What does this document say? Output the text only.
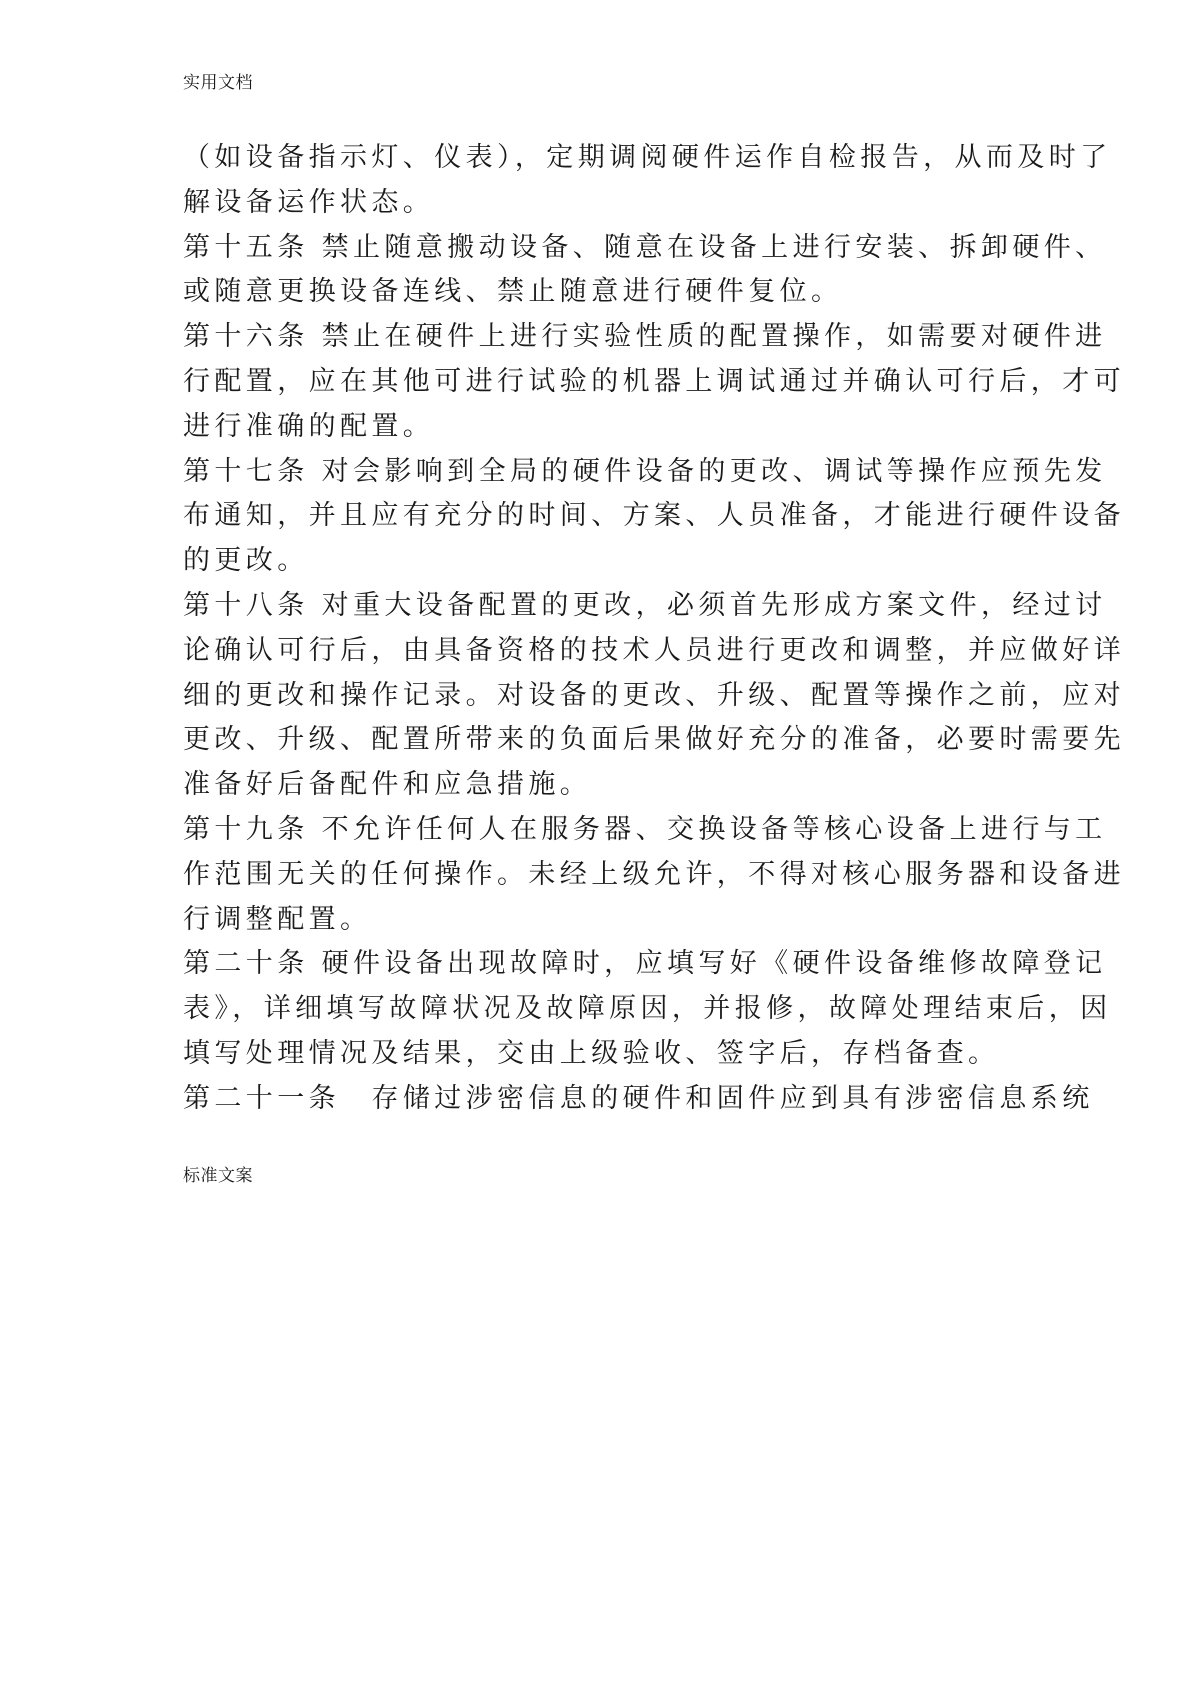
实用文档
（如设备指示灯、仪表），定期调阅硬件运作自检报告，从而及时了
解设备运作状态。
第十五条 禁止随意搬动设备、随意在设备上进行安装、拆卸硬件、
或随意更换设备连线、禁止随意进行硬件复位。
第十六条 禁止在硬件上进行实验性质的配置操作，如需要对硬件进
行配置，应在其他可进行试验的机器上调试通过并确认可行后，才可
进行准确的配置。
第十七条 对会影响到全局的硬件设备的更改、调试等操作应预先发
布通知，并且应有充分的时间、方案、人员准备，才能进行硬件设备
的更改。
第十八条 对重大设备配置的更改，必须首先形成方案文件，经过讨
论确认可行后，由具备资格的技术人员进行更改和调整，并应做好详
细的更改和操作记录。对设备的更改、升级、配置等操作之前，应对
更改、升级、配置所带来的负面后果做好充分的准备，必要时需要先
准备好后备配件和应急措施。
第十九条 不允许任何人在服务器、交换设备等核心设备上进行与工
作范围无关的任何操作。未经上级允许，不得对核心服务器和设备进
行调整配置。
第二十条 硬件设备出现故障时，应填写好《硬件设备维修故障登记
表》，详细填写故障状况及故障原因，并报修，故障处理结束后，因
填写处理情况及结果，交由上级验收、签字后，存档备查。
第二十一条　存储过涉密信息的硬件和固件应到具有涉密信息系统
标准文案
